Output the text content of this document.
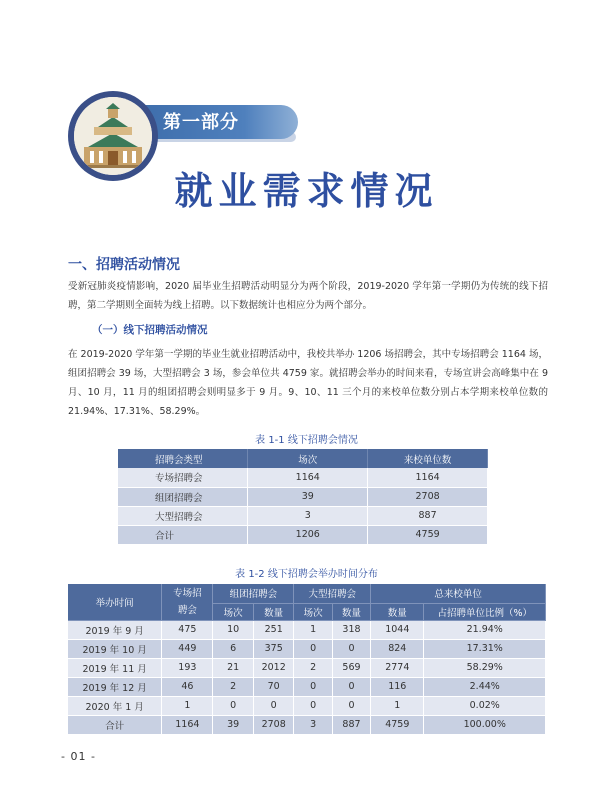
第一部分
就业需求情况
一、招聘活动情况
受新冠肺炎疫情影响，2020 届毕业生招聘活动明显分为两个阶段，2019-2020 学年第一学期仍为传统的线下招聘，第二学期则全面转为线上招聘。以下数据统计也相应分为两个部分。
（一）线下招聘活动情况
在 2019-2020 学年第一学期的毕业生就业招聘活动中，我校共举办 1206 场招聘会，其中专场招聘会 1164 场，组团招聘会 39 场，大型招聘会 3 场，参会单位共 4759 家。就招聘会举办的时间来看，专场宣讲会高峰集中在 9 月、10 月，11 月的组团招聘会则明显多于 9 月。9、10、11 三个月的来校单位数分别占本学期来校单位数的 21.94%、17.31%、58.29%。
表 1-1 线下招聘会情况
招聘会类型	场次	来校单位数
专场招聘会	1164	1164
组团招聘会	39	2708
大型招聘会	3	887
合计	1206	4759
表 1-2 线下招聘会举办时间分布
举办时间	专场招聘会	组团招聘会		大型招聘会		总来校单位	
		场次	数量	场次	数量	数量	占招聘单位比例（%）
2019 年 9 月	475	10	251	1	318	1044	21.94%
2019 年 10 月	449	6	375	0	0	824	17.31%
2019 年 11 月	193	21	2012	2	569	2774	58.29%
2019 年 12 月	46	2	70	0	0	116	2.44%
2020 年 1 月	1	0	0	0	0	1	0.02%
合计	1164	39	2708	3	887	4759	100.00%
- 01 -
